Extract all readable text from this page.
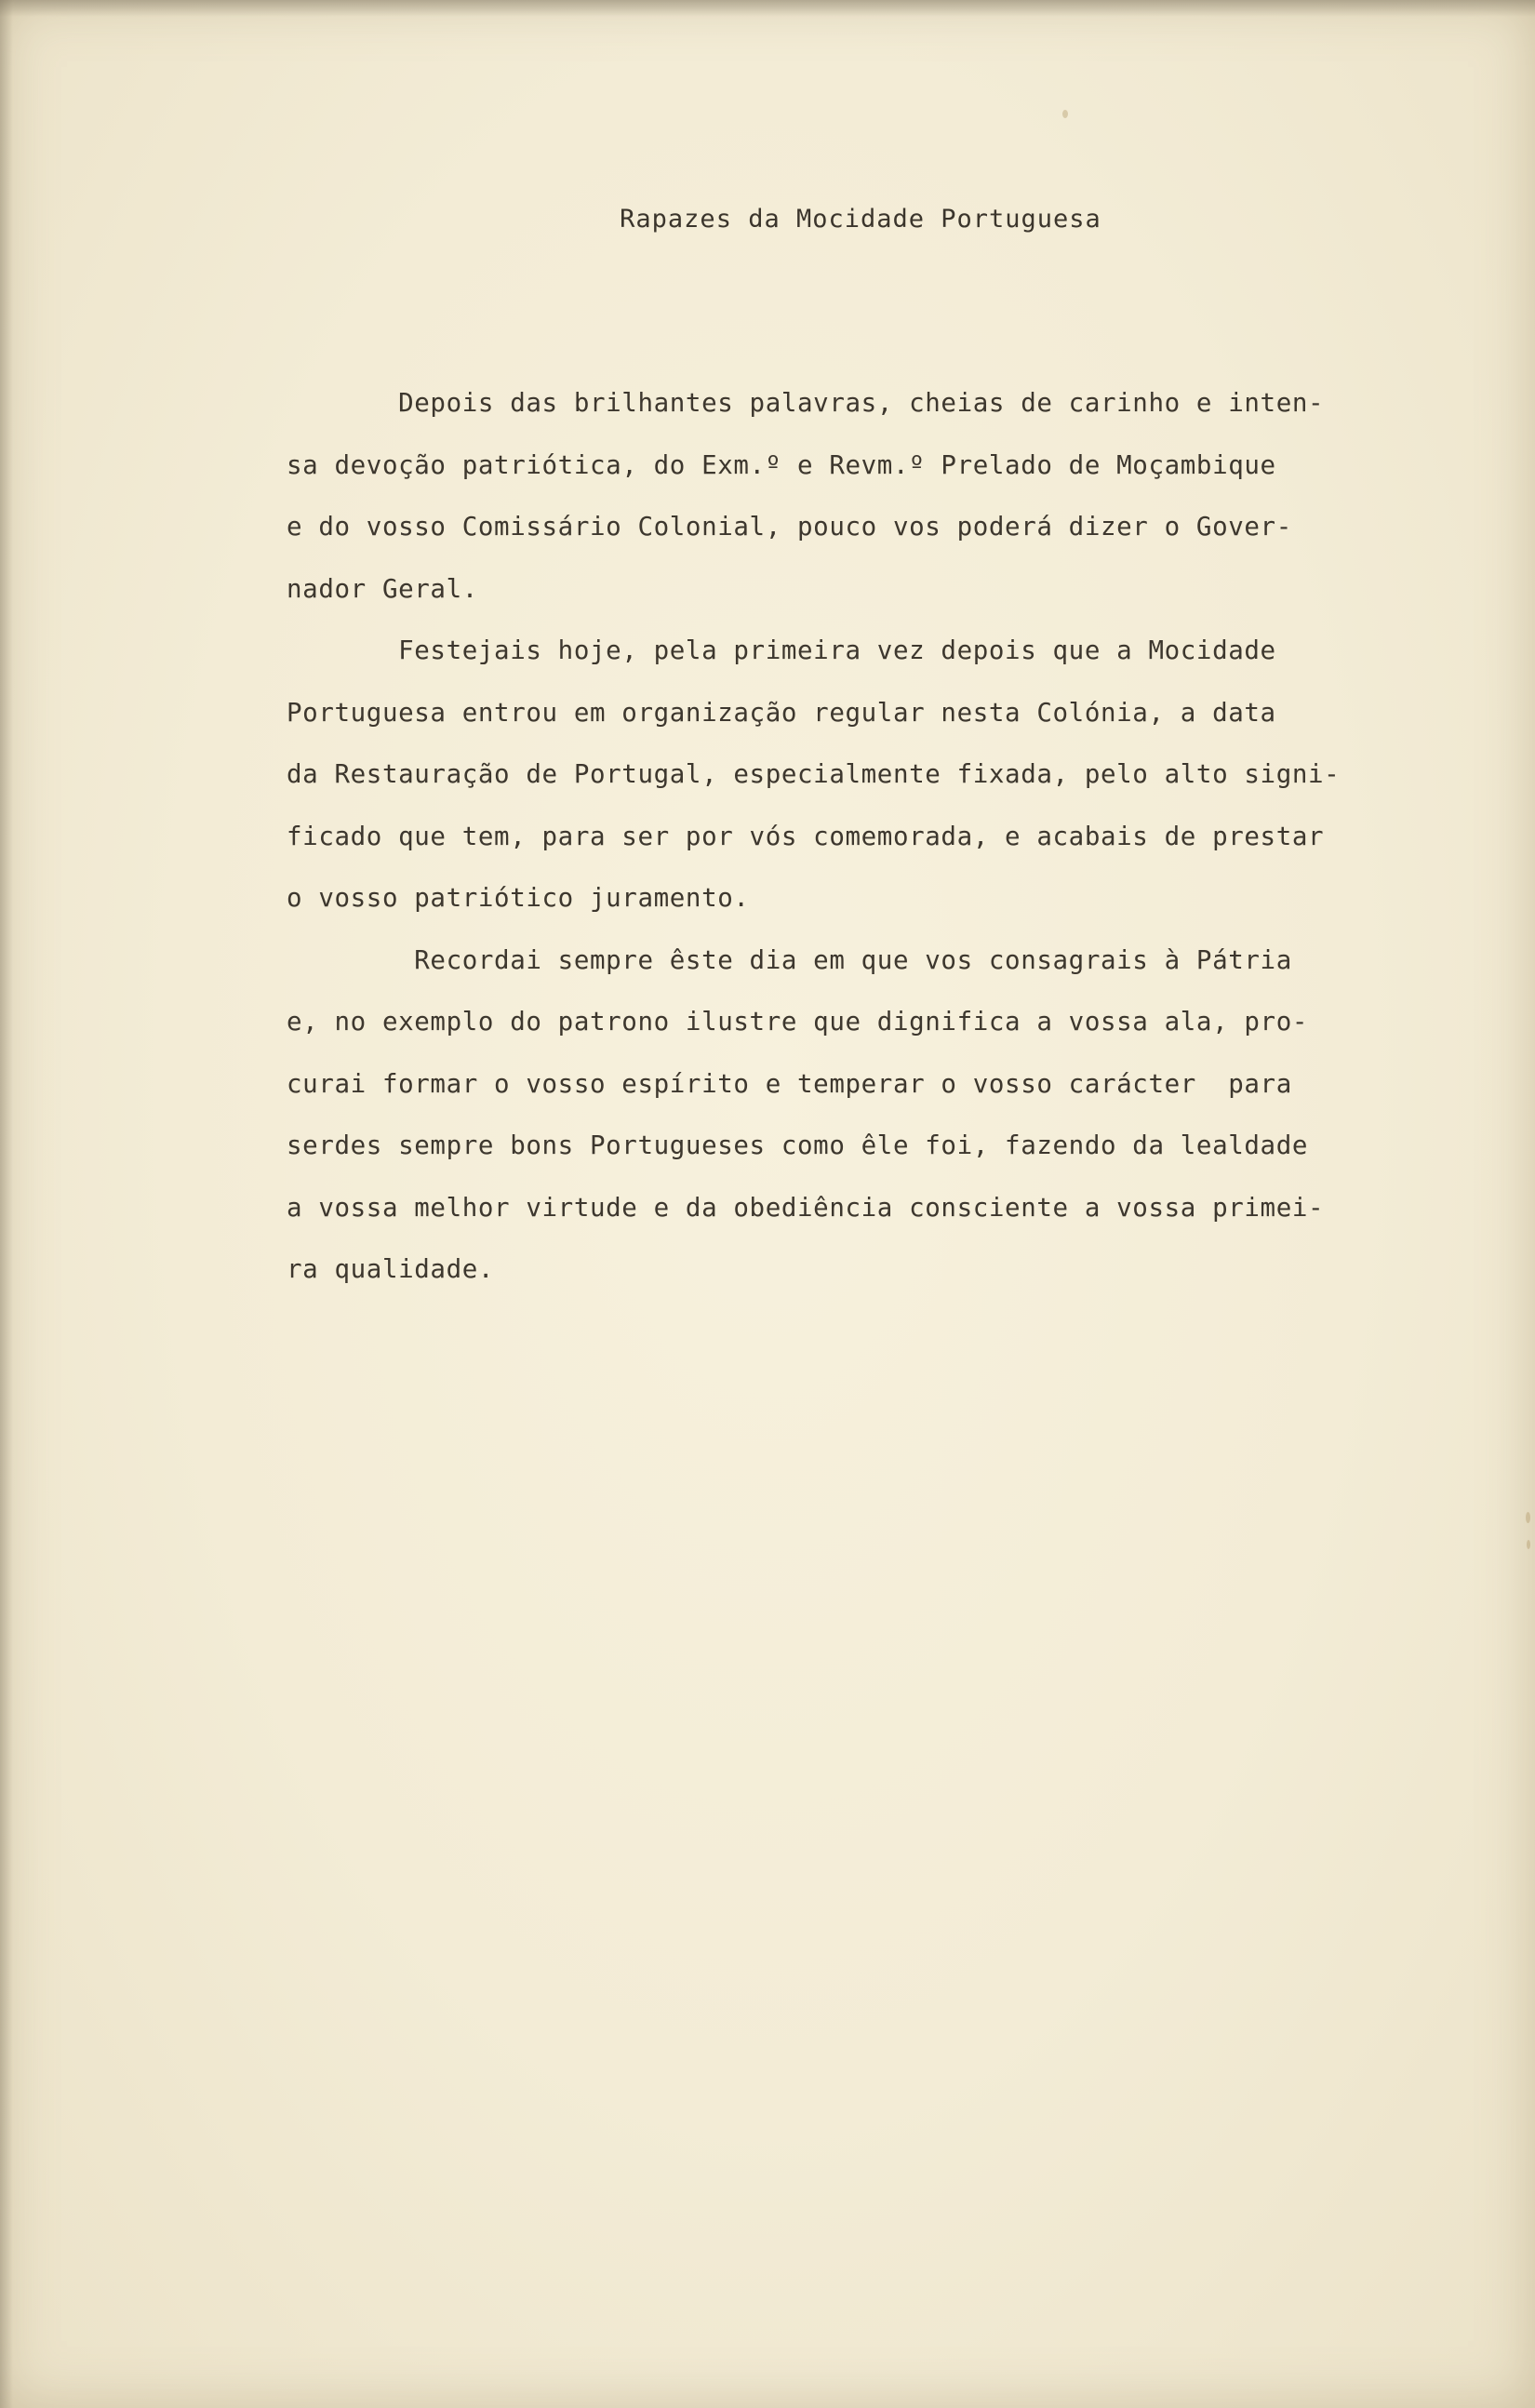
Rapazes da Mocidade Portuguesa
Depois das brilhantes palavras, cheias de carinho e inten-
sa devoção patriótica, do Exm.º e Revm.º Prelado de Moçambique
e do vosso Comissário Colonial, pouco vos poderá dizer o Gover-
nador Geral.
Festejais hoje, pela primeira vez depois que a Mocidade
Portuguesa entrou em organização regular nesta Colónia, a data
da Restauração de Portugal, especialmente fixada, pelo alto signi-
ficado que tem, para ser por vós comemorada, e acabais de prestar
o vosso patriótico juramento.
Recordai sempre êste dia em que vos consagrais à Pátria
e, no exemplo do patrono ilustre que dignifica a vossa ala, pro-
curai formar o vosso espírito e temperar o vosso carácter  para
serdes sempre bons Portugueses como êle foi, fazendo da lealdade
a vossa melhor virtude e da obediência consciente a vossa primei-
ra qualidade.
